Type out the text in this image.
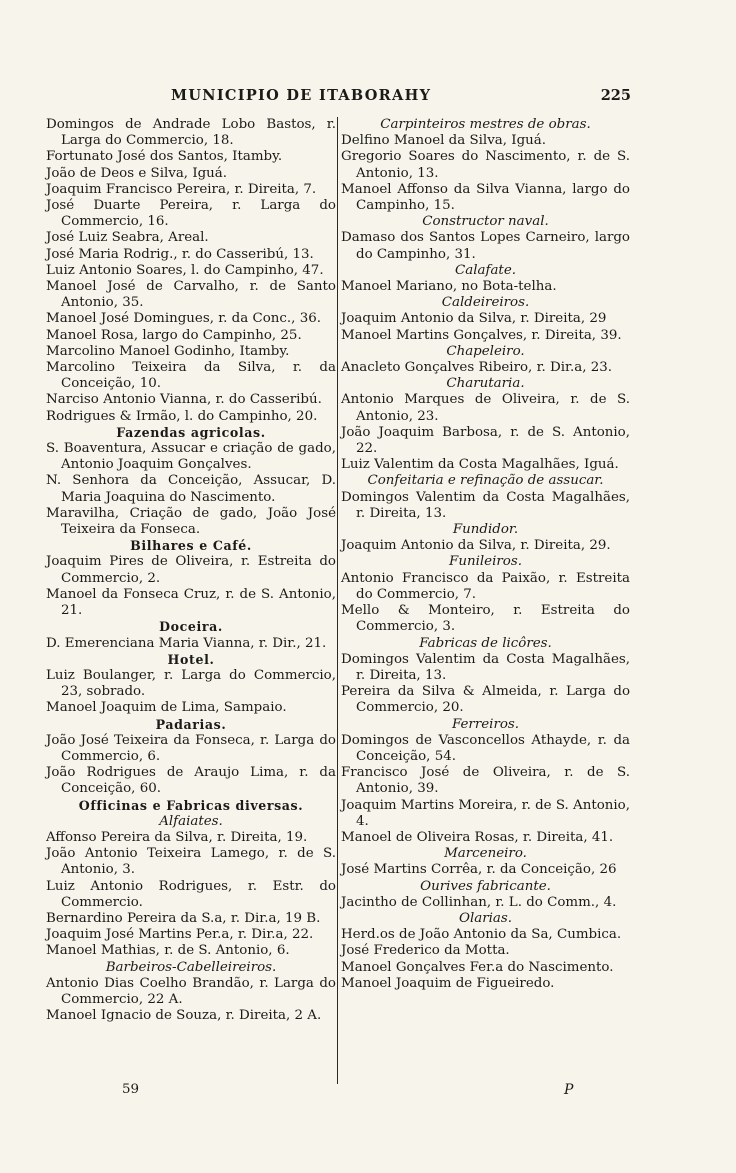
MUNICIPIO DE ITABORAHY	225
Domingos de Andrade Lobo Bastos, r. Larga do Commercio, 18.
Fortunato José dos Santos, Itamby.
João de Deos e Silva, Iguá.
Joaquim Francisco Pereira, r. Direita, 7.
José Duarte Pereira, r. Larga do Commercio, 16.
José Luiz Seabra, Areal.
José Maria Rodrig., r. do Casseribú, 13.
Luiz Antonio Soares, l. do Campinho, 47.
Manoel José de Carvalho, r. de Santo Antonio, 35.
Manoel José Domingues, r. da Conc., 36.
Manoel Rosa, largo do Campinho, 25.
Marcolino Manoel Godinho, Itamby.
Marcolino Teixeira da Silva, r. da Conceição, 10.
Narciso Antonio Vianna, r. do Casseribú.
Rodrigues & Irmão, l. do Campinho, 20.
Fazendas agricolas.
S. Boaventura, Assucar e criação de gado, Antonio Joaquim Gonçalves.
N. Senhora da Conceição, Assucar, D. Maria Joaquina do Nascimento.
Maravilha, Criação de gado, João José Teixeira da Fonseca.
Bilhares e Café.
Joaquim Pires de Oliveira, r. Estreita do Commercio, 2.
Manoel da Fonseca Cruz, r. de S. Antonio, 21.
Doceira.
D. Emerenciana Maria Vianna, r. Dir., 21.
Hotel.
Luiz Boulanger, r. Larga do Commercio, 23, sobrado.
Manoel Joaquim de Lima, Sampaio.
Padarias.
João José Teixeira da Fonseca, r. Larga do Commercio, 6.
João Rodrigues de Araujo Lima, r. da Conceição, 60.
Officinas e Fabricas diversas.
Alfaiates.
Affonso Pereira da Silva, r. Direita, 19.
João Antonio Teixeira Lamego, r. de S. Antonio, 3.
Luiz Antonio Rodrigues, r. Estr. do Commercio.
Bernardino Pereira da S.a, r. Dir.a, 19 B.
Joaquim José Martins Per.a, r. Dir.a, 22.
Manoel Mathias, r. de S. Antonio, 6.
Barbeiros-Cabelleireiros.
Antonio Dias Coelho Brandão, r. Larga do Commercio, 22 A.
Manoel Ignacio de Souza, r. Direita, 2 A.
Carpinteiros mestres de obras.
Delfino Manoel da Silva, Iguá.
Gregorio Soares do Nascimento, r. de S. Antonio, 13.
Manoel Affonso da Silva Vianna, largo do Campinho, 15.
Constructor naval.
Damaso dos Santos Lopes Carneiro, largo do Campinho, 31.
Calafate.
Manoel Mariano, no Bota-telha.
Caldeireiros.
Joaquim Antonio da Silva, r. Direita, 29
Manoel Martins Gonçalves, r. Direita, 39.
Chapeleiro.
Anacleto Gonçalves Ribeiro, r. Dir.a, 23.
Charutaria.
Antonio Marques de Oliveira, r. de S. Antonio, 23.
João Joaquim Barbosa, r. de S. Antonio, 22.
Luiz Valentim da Costa Magalhães, Iguá.
Confeitaria e refinação de assucar.
Domingos Valentim da Costa Magalhães, r. Direita, 13.
Fundidor.
Joaquim Antonio da Silva, r. Direita, 29.
Funileiros.
Antonio Francisco da Paixão, r. Estreita do Commercio, 7.
Mello & Monteiro, r. Estreita do Commercio, 3.
Fabricas de licôres.
Domingos Valentim da Costa Magalhães, r. Direita, 13.
Pereira da Silva & Almeida, r. Larga do Commercio, 20.
Ferreiros.
Domingos de Vasconcellos Athayde, r. da Conceição, 54.
Francisco José de Oliveira, r. de S. Antonio, 39.
Joaquim Martins Moreira, r. de S. Antonio, 4.
Manoel de Oliveira Rosas, r. Direita, 41.
Marceneiro.
José Martins Corrêa, r. da Conceição, 26
Ourives fabricante.
Jacintho de Collinhan, r. L. do Comm., 4.
Olarias.
Herd.os de João Antonio da Sa, Cumbica.
José Frederico da Motta.
Manoel Gonçalves Fer.a do Nascimento.
Manoel Joaquim de Figueiredo.
59	P
